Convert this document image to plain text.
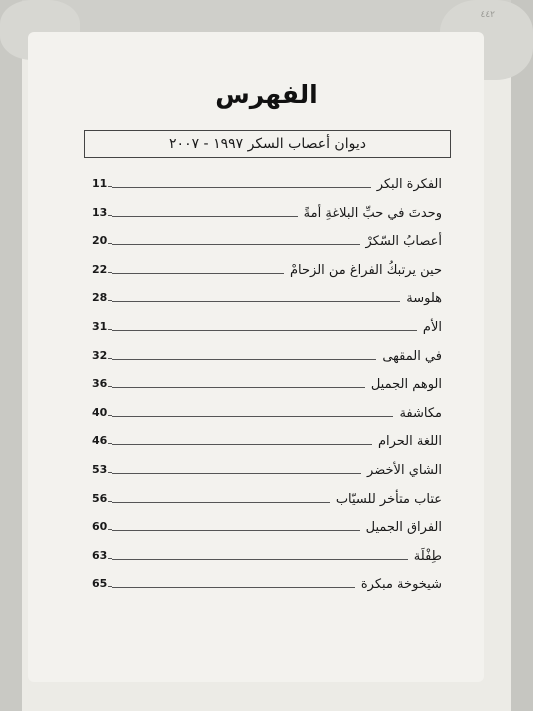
٤٤٢
الفهرس
ديوان أعصاب السكر ١٩٩٧ - ٢٠٠٧
11	الفكرة البكر
13	وحدتَ في حبِّ البلاغةِ أمةً
20	أعصابُ السّكرْ
22	حين يرتبكُ الفراغ من الزحامْ
28	هلوسة
31	الأم
32	في المقهى
36	الوهم الجميل
40	مكاشفة
46	اللغة الحرام
53	الشاي الأخضر
56	عتاب متأخر للسيّاب
60	الفراق الجميل
63	طِفْلَة
65	شيخوخة مبكرة
